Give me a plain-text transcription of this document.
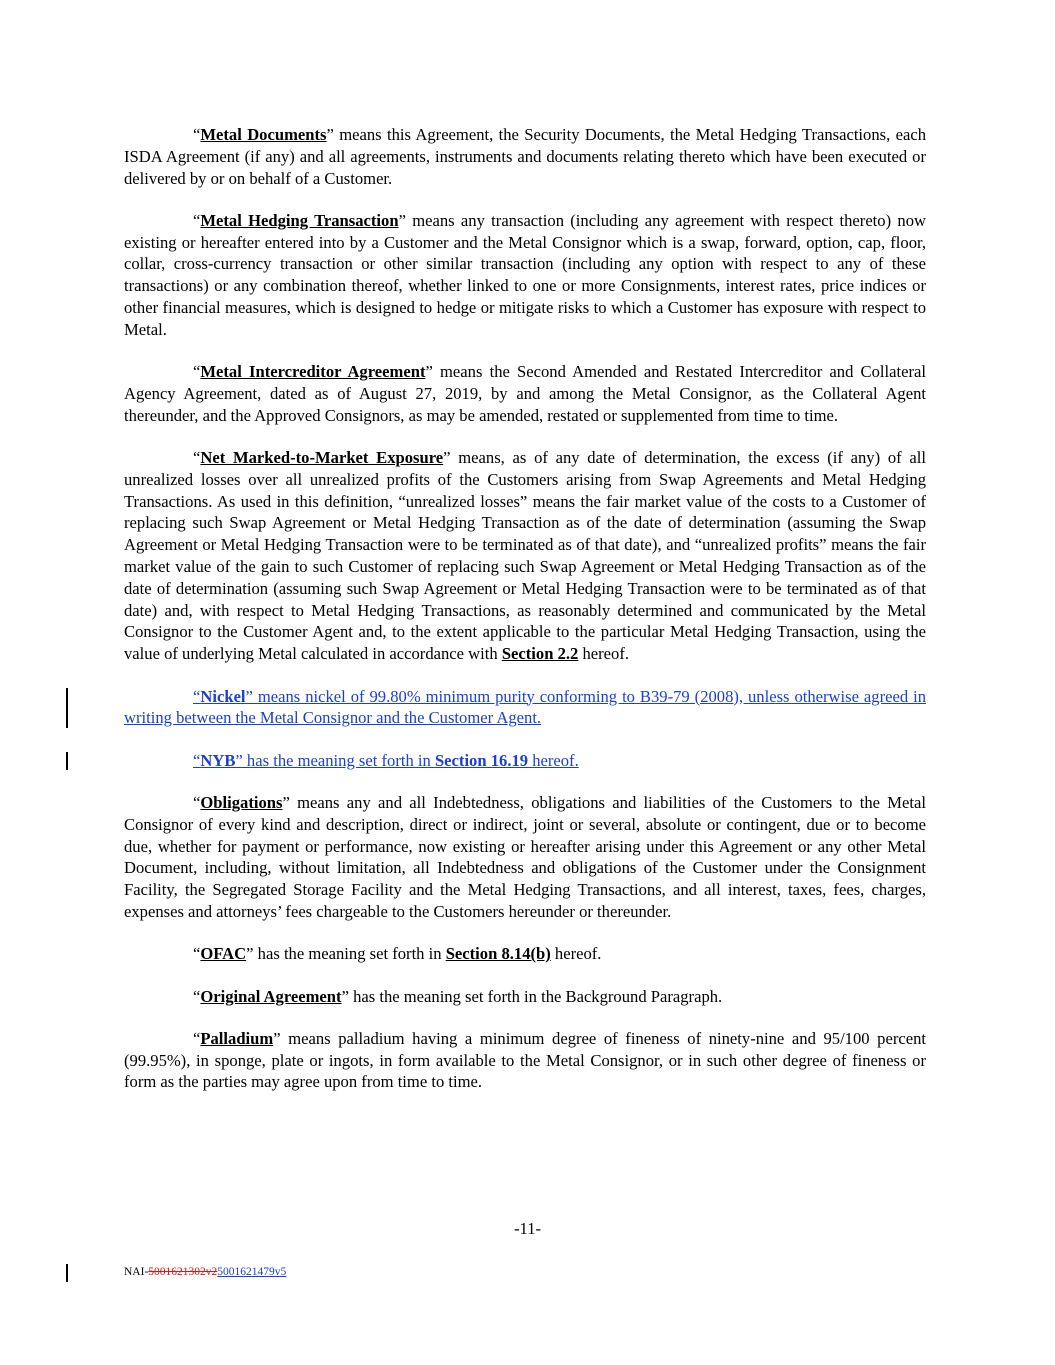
“Metal Documents” means this Agreement, the Security Documents, the Metal Hedging Transactions, each ISDA Agreement (if any) and all agreements, instruments and documents relating thereto which have been executed or delivered by or on behalf of a Customer.

“Metal Hedging Transaction” means any transaction (including any agreement with respect thereto) now existing or hereafter entered into by a Customer and the Metal Consignor which is a swap, forward, option, cap, floor, collar, cross-currency transaction or other similar transaction (including any option with respect to any of these transactions) or any combination thereof, whether linked to one or more Consignments, interest rates, price indices or other financial measures, which is designed to hedge or mitigate risks to which a Customer has exposure with respect to Metal.

“Metal Intercreditor Agreement” means the Second Amended and Restated Intercreditor and Collateral Agency Agreement, dated as of August 27, 2019, by and among the Metal Consignor, as the Collateral Agent thereunder, and the Approved Consignors, as may be amended, restated or supplemented from time to time.

“Net Marked-to-Market Exposure” means, as of any date of determination, the excess (if any) of all unrealized losses over all unrealized profits of the Customers arising from Swap Agreements and Metal Hedging Transactions. As used in this definition, “unrealized losses” means the fair market value of the costs to a Customer of replacing such Swap Agreement or Metal Hedging Transaction as of the date of determination (assuming the Swap Agreement or Metal Hedging Transaction were to be terminated as of that date), and “unrealized profits” means the fair market value of the gain to such Customer of replacing such Swap Agreement or Metal Hedging Transaction as of the date of determination (assuming such Swap Agreement or Metal Hedging Transaction were to be terminated as of that date) and, with respect to Metal Hedging Transactions, as reasonably determined and communicated by the Metal Consignor to the Customer Agent and, to the extent applicable to the particular Metal Hedging Transaction, using the value of underlying Metal calculated in accordance with Section 2.2 hereof.

“Nickel” means nickel of 99.80% minimum purity conforming to B39-79 (2008), unless otherwise agreed in writing between the Metal Consignor and the Customer Agent.

“NYB” has the meaning set forth in Section 16.19 hereof.

“Obligations” means any and all Indebtedness, obligations and liabilities of the Customers to the Metal Consignor of every kind and description, direct or indirect, joint or several, absolute or contingent, due or to become due, whether for payment or performance, now existing or hereafter arising under this Agreement or any other Metal Document, including, without limitation, all Indebtedness and obligations of the Customer under the Consignment Facility, the Segregated Storage Facility and the Metal Hedging Transactions, and all interest, taxes, fees, charges, expenses and attorneys’ fees chargeable to the Customers hereunder or thereunder.

“OFAC” has the meaning set forth in Section 8.14(b) hereof.

“Original Agreement” has the meaning set forth in the Background Paragraph.

“Palladium” means palladium having a minimum degree of fineness of ninety-nine and 95/100 percent (99.95%), in sponge, plate or ingots, in form available to the Metal Consignor, or in such other degree of fineness or form as the parties may agree upon from time to time.

-11-
NAI-5001621302v25001621479v5
